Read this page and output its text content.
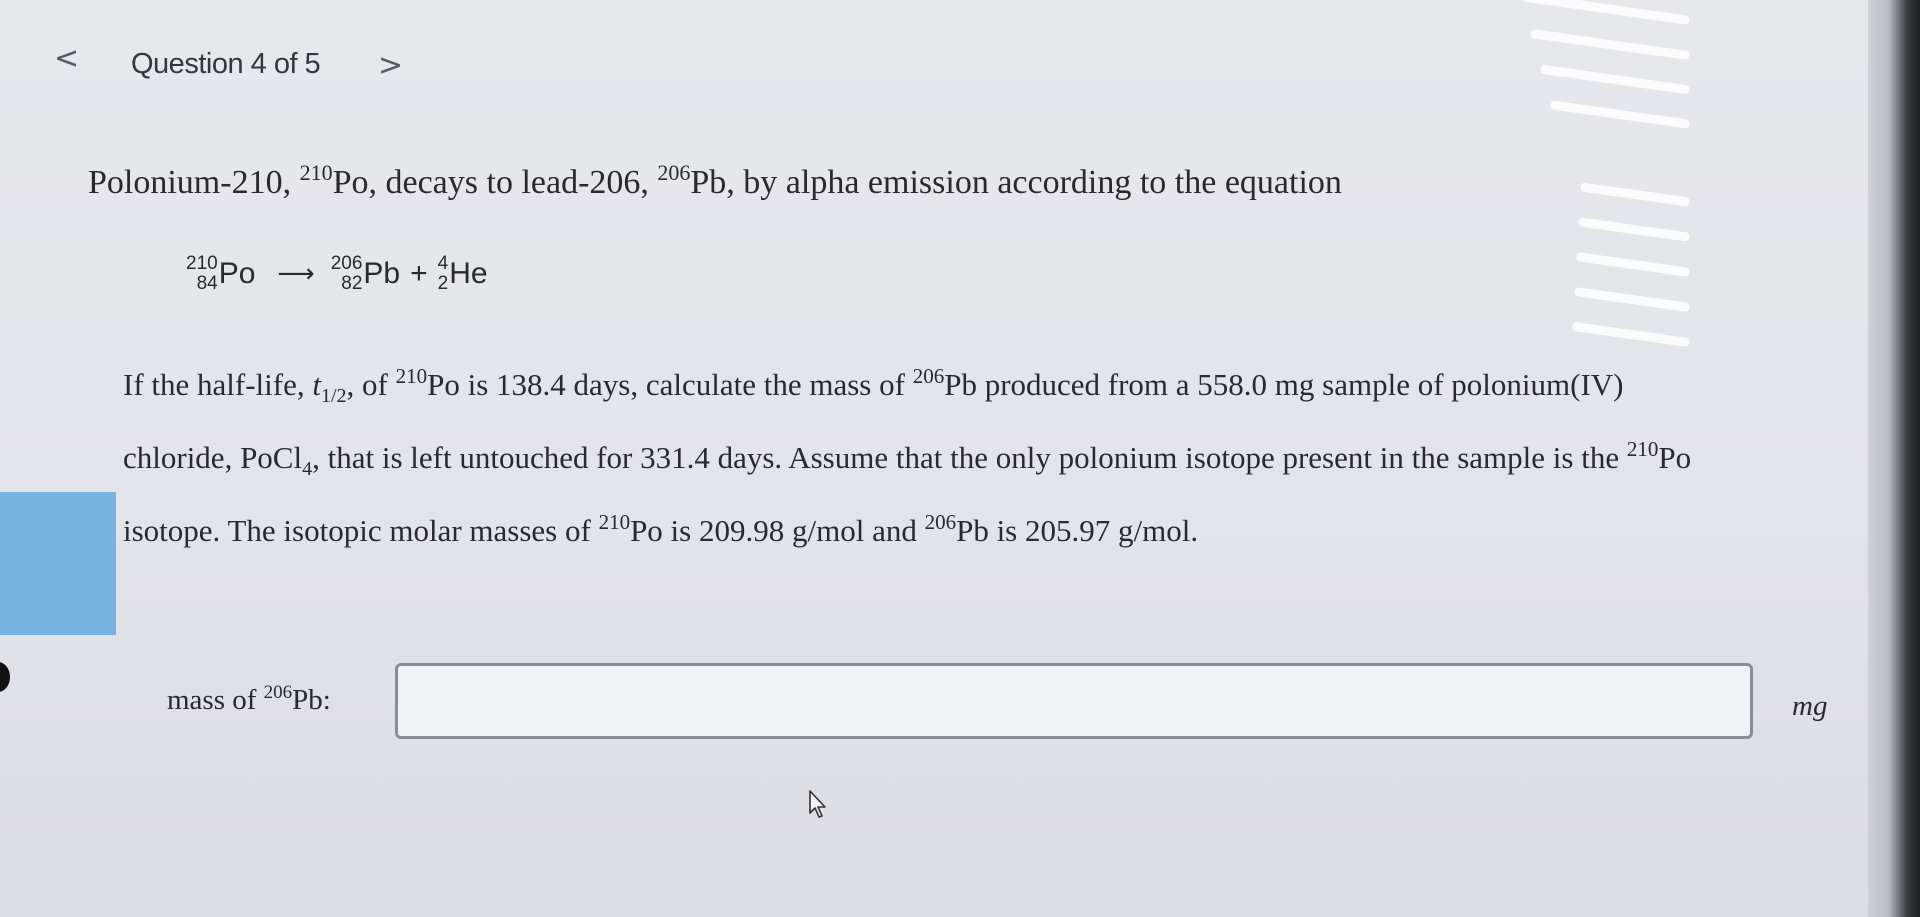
< Question 4 of 5 >
Polonium-210, $^{210}$Po, decays to lead-206, $^{206}$Pb, by alpha emission according to the equation
210
84 Po ⟶ 206
82 Pb + 4
2 He
If the half-life, $t_{1/2}$, of $^{210}$Po is 138.4 days, calculate the mass of $^{206}$Pb produced from a 558.0 mg sample of polonium(IV)
chloride, PoCl$_4$, that is left untouched for 331.4 days. Assume that the only polonium isotope present in the sample is the $^{210}$Po
isotope. The isotopic molar masses of $^{210}$Po is 209.98 g/mol and $^{206}$Pb is 205.97 g/mol.
mass of $^{206}$Pb:	mg
